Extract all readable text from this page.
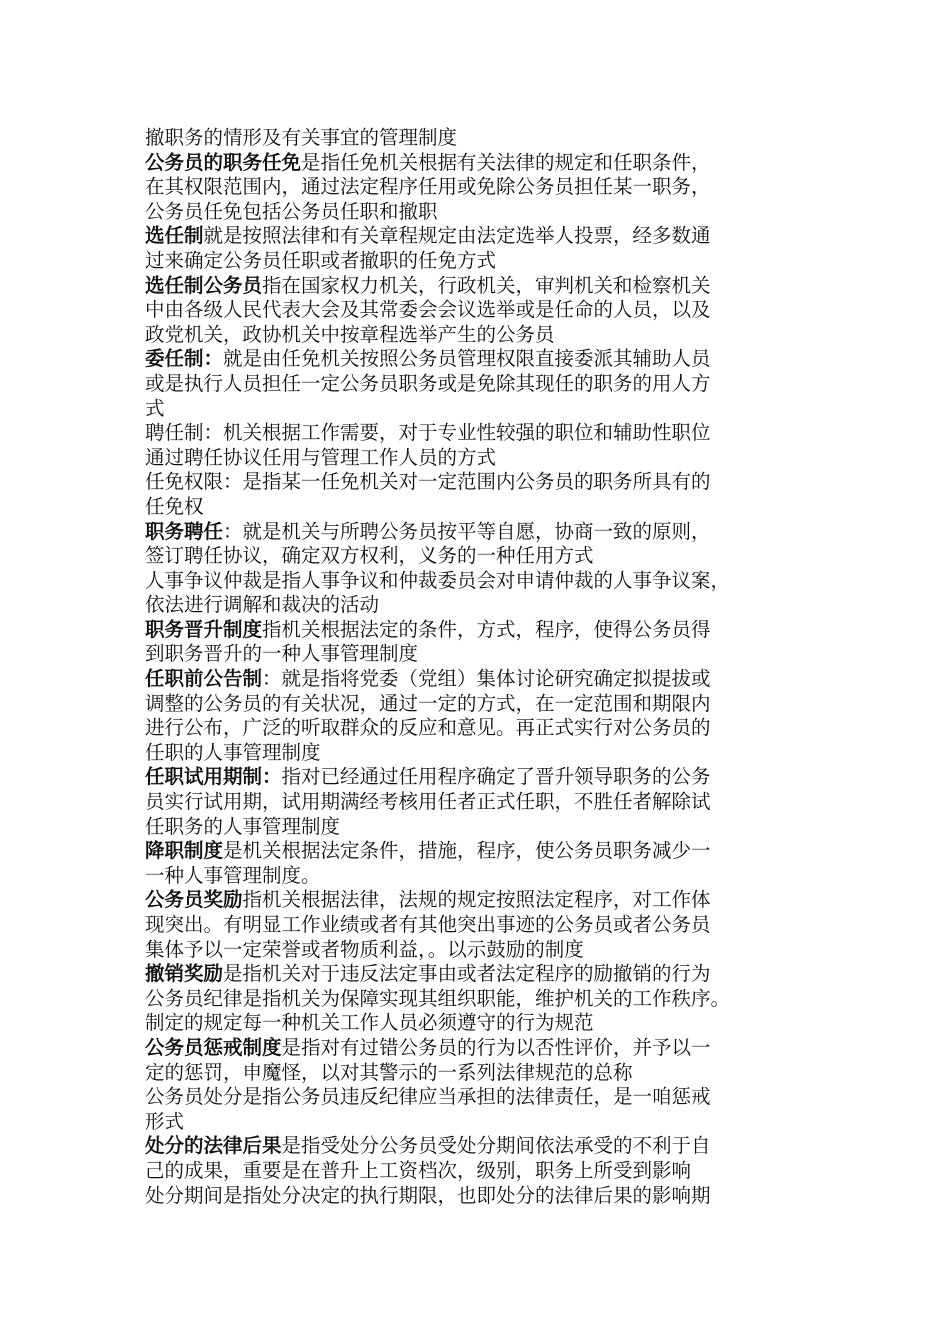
撤职务的情形及有关事宜的管理制度
公务员的职务任免是指任免机关根据有关法律的规定和任职条件，
在其权限范围内，通过法定程序任用或免除公务员担任某一职务，
公务员任免包括公务员任职和撤职
选任制就是按照法律和有关章程规定由法定选举人投票，经多数通
过来确定公务员任职或者撤职的任免方式
选任制公务员指在国家权力机关，行政机关，审判机关和检察机关
中由各级人民代表大会及其常委会会议选举或是任命的人员，以及
政党机关，政协机关中按章程选举产生的公务员
委任制：就是由任免机关按照公务员管理权限直接委派其辅助人员
或是执行人员担任一定公务员职务或是免除其现任的职务的用人方
式
聘任制：机关根据工作需要，对于专业性较强的职位和辅助性职位
通过聘任协议任用与管理工作人员的方式
任免权限：是指某一任免机关对一定范围内公务员的职务所具有的
任免权
职务聘任：就是机关与所聘公务员按平等自愿，协商一致的原则，
签订聘任协议，确定双方权利，义务的一种任用方式
人事争议仲裁是指人事争议和仲裁委员会对申请仲裁的人事争议案，
依法进行调解和裁决的活动
职务晋升制度指机关根据法定的条件，方式，程序，使得公务员得
到职务晋升的一种人事管理制度
任职前公告制：就是指将党委（党组）集体讨论研究确定拟提拔或
调整的公务员的有关状况，通过一定的方式，在一定范围和期限内
进行公布，广泛的听取群众的反应和意见。再正式实行对公务员的
任职的人事管理制度
任职试用期制：指对已经通过任用程序确定了晋升领导职务的公务
员实行试用期，试用期满经考核用任者正式任职，不胜任者解除试
任职务的人事管理制度
降职制度是机关根据法定条件，措施，程序，使公务员职务减少一
一种人事管理制度。
公务员奖励指机关根据法律，法规的规定按照法定程序，对工作体
现突出。有明显工作业绩或者有其他突出事迹的公务员或者公务员
集体予以一定荣誉或者物质利益，。以示鼓励的制度
撤销奖励是指机关对于违反法定事由或者法定程序的励撤销的行为
公务员纪律是指机关为保障实现其组织职能，维护机关的工作秩序。
制定的规定每一种机关工作人员必须遵守的行为规范
公务员惩戒制度是指对有过错公务员的行为以否性评价，并予以一
定的惩罚，申魔怪，以对其警示的一系列法律规范的总称
公务员处分是指公务员违反纪律应当承担的法律责任，是一咱惩戒
形式
处分的法律后果是指受处分公务员受处分期间依法承受的不利于自
己的成果，重要是在普升上工资档次，级别，职务上所受到影响
处分期间是指处分决定的执行期限，也即处分的法律后果的影响期
